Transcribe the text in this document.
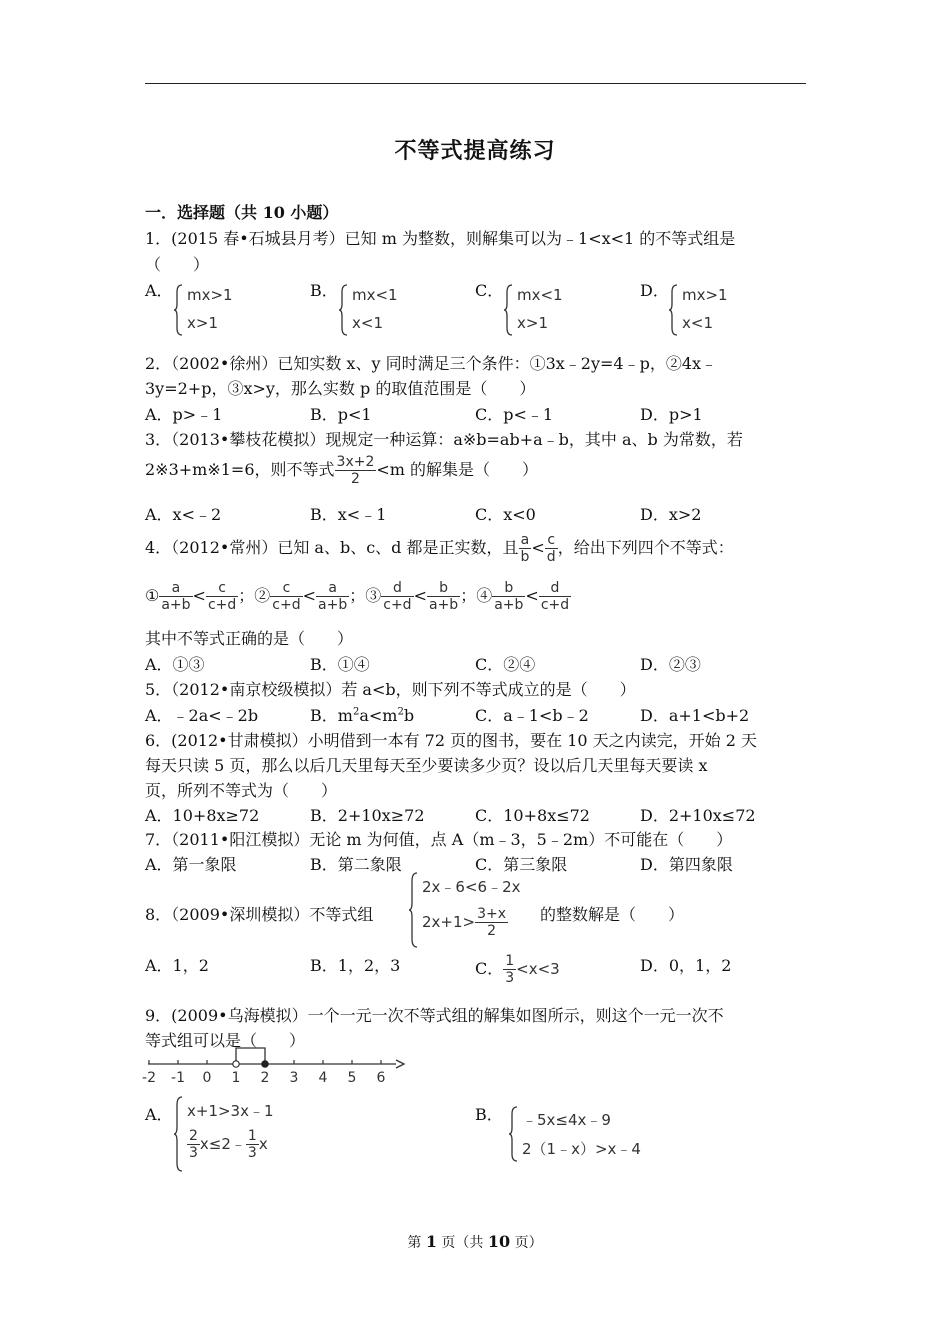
不等式提高练习
一．选择题（共 10 小题）
1．(2015 春•石城县月考）已知 m 为整数，则解集可以为﹣1<x<1 的不等式组是
（　　）
A． mx>1
x>1
B． mx<1
x<1
C． mx<1
x>1
D． mx>1
x<1
2．（2002•徐州）已知实数 x、y 同时满足三个条件：①3x﹣2y=4﹣p，②4x﹣
3y=2+p，③x>y，那么实数 p 的取值范围是（　　）
A．p>﹣1	B．p<1	C．p<﹣1	D．p>1
3．（2013•攀枝花模拟）现规定一种运算：a※b=ab+a﹣b，其中 a、b 为常数，若
2※3+m※1=6，则不等式 $\frac{3x+2}{2} <m$ 的解集是（　　）
A．x<﹣2	B．x<﹣1	C．x<0	D．x>2
4．（2012•常州）已知 a、b、c、d 都是正实数，且 $\frac{a}{b} < \frac{c}{d}$ ，给出下列四个不等式：
① $\frac{a}{a+b} < \frac{c}{c+d}$ ；② $\frac{c}{c+d} < \frac{a}{a+b}$ ；③ $\frac{d}{c+d} < \frac{b}{a+b}$ ；④ $\frac{b}{a+b} < \frac{d}{c+d}$
其中不等式正确的是（　　）
A．①③	B．①④	C．②④	D．②③
5．（2012•南京校级模拟）若 a<b，则下列不等式成立的是（　　）
A．﹣2a<﹣2b	B．$m^2a<m^2b$	C．a﹣1<b﹣2	D．a+1<b+2
6．(2012•甘肃模拟）小明借到一本有 72 页的图书，要在 10 天之内读完，开始 2 天
每天只读 5 页，那么以后几天里每天至少要读多少页？设以后几天里每天要读 x
页，所列不等式为（　　）
A．10+8x≥72	B．2+10x≥72	C．10+8x≤72	D．2+10x≤72
7．（2011•阳江模拟）无论 m 为何值，点 A（m﹣3，5﹣2m）不可能在（　　）
A．第一象限	B．第二象限	C．第三象限	D．第四象限
8．（2009•深圳模拟）不等式组
2x﹣6<6﹣2x
$2x+1> \frac{3+x}{2}$ 的整数解是（　　）
A．1，2	B．1，2，3	C． $\frac{1}{3} <x<3$	D．0，1，2
9．(2009•乌海模拟）一个一元一次不等式组的解集如图所示，则这个一元一次不
等式组可以是（　　）
-2 -1 0 1 2 3 4 5 6
A． x+1>3x﹣1
$\frac{2}{3}$ x≤2﹣ $\frac{1}{3}$ x
B． ﹣5x≤4x﹣9
2（1﹣x）>x﹣4
第 1 页（共 10 页）
